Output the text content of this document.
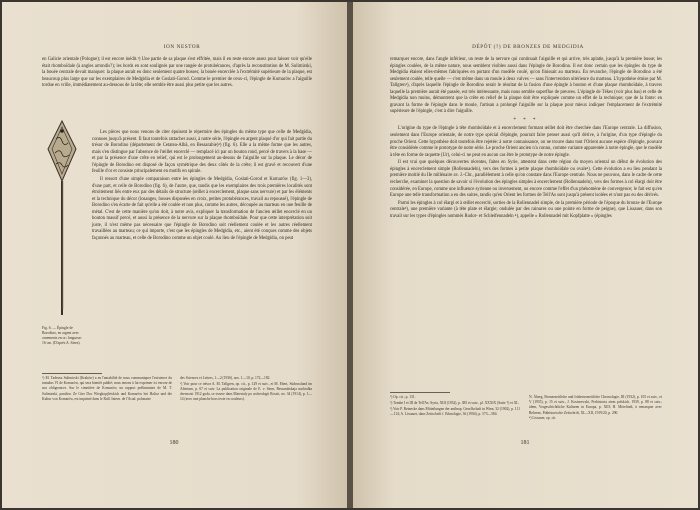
ION NESTOR

en Galicie orientale (Pologne); il est encore inédit.¹) Une partie de sa plaque s'est effritée, mais il en reste encore assez pour laisser voir qu'elle était rhomboïdale (à angles arrondis?); les bords en sont soulignés par une rangée de protubérances, d'après la reconstitution de M. Sulimirski, la bouée centrale devait manquer: la plaque aurait eu donc seulement quatre bosses; la bouée encerclée à l'extrémité supérieure de la plaque, est beaucoup plus large que sur les exemplaires de Medgidia et de Goslati-Gorod. Comme le premier de ceux-ci, l'épingle de Komarów a l'aiguille tordue en vrille, immédiatement au-dessous de la tête; elle semble être aussi plus petite que les autres.

Les pièces que nous venons de citer épuisent le répertoire des épingles du même type que celle de Medgidia, connues jusqu'à présent. Il faut toutefois rattacher aussi, à notre série, l'épingle en argent plaqué d'or qui fait partie du trésor de Borodino (département de Cetatea-Albă, en Bessarabie)²) (fig. 6). Elle a la même forme que les autres, mais s'en distingue par l'absence de l'œillet encerclé — remplacé ici par un bouton rond, percé de travers à la base — et par la présence d'une crête en relief, qui est le prolongement au-dessus de l'aiguille sur la plaque. Le décor de l'épingle de Borodino est disposé de façon symétrique des deux côtés de la crête; il est gravé et recouvert d'une feuille d'or et consiste principalement en motifs en spirale.

Il ressort d'une simple comparaison entre les épingles de Medgidia, Goslati-Gorod et Komarów (fig. 1—3), d'une part, et celle de Borodino (fig. 6), de l'autre, que, tandis que les exemplaires des trois premières localités sont étroitement liés entre eux par des détails de structure (œillet à encerclement, plaque sans nervure) et par les éléments et la technique du décor (losanges, bosses disposées en croix, petites protubérances, travail au repoussé), l'épingle de Borodino s'en écarte de fait qu'elle a été coulée et non plus, comme les autres, découpée au marteau en une feuille de métal. C'est de cette manière qu'on doit, à notre avis, expliquer la transformation de l'ancien œillet encerclé en un bouton massif percé, et aussi la présence de la nervure sur la plaque rhomboïdale. Pour que cette interprétation soit juste, il n'est même pas nécessaire que l'épingle de Borodino soit réellement coulée et les autres réellement travaillées au marteau; ce qui importe, c'est que les épingles de Medgidia, etc., aient été conçues comme des objets façonnés au marteau, et celle de Borodino comme un objet coulé. Au lieu de l'épingle de Medgidia, on peut

Fig. 6. — Épingle de Borodino, en argent avec ornements en or; longueur: 16 cm. (D'après A. Stern).

¹) M. Tadeusz Sulimirski (Kraków) a eu l'amabilité de nous communiquer l'existence du tumulus VI de Komarów, qui sera bientôt publié; nous tenons à lui exprimer ici encore de nos obligeances. Sur le cimetière de Komarów, un rapport préliminaire de M. T. Sulimirski, paraîtra: Ze Gier Doc Wiegkopjleiskich und Komarów bei Halicz und die Kultur von Komarów, est imprimé dans le Bull. Intern. de l'Acad. polonaise

des Sciences et Lettres, 1—2 (1936), nos. 1—10, p. 172—182.

²) Voir pour ce trésor A. M. Tallgren, op. cit., p. 129 et suiv., et M. Ebert, Südrussland im Altertum, p. 67 et suiv. La publication originale de E. v. Stern, Bessarabskaja nachodka drevnosti 1912 goda, se trouve dans Materialy po archeologii Rossii, no. 34 (1914), p. 1—14 (avec une planche hors texte en couleurs).

180
DÉPÔT (?) DE BRONZES DE MEDGIDIA

remarquer encore, dans l'angle inférieur, un reste de la nervure qui continuait l'aiguille et qui arrive, très aplatie, jusqu'à la première bosse; les épingles coulées, de la même nature, nous semblent visibles aussi dans l'épingle de Borodino. Il est donc certain que les épingles du type de Medgidia étaient elles-mêmes fabriquées en portant d'un modèle coulé, qu'on finissait au marteau. En revanche, l'épingle de Borodino a été seulement coulée, telle quelle — c'est même dans un moule à deux valves — sans l'intervention ultérieure du marteau. L'hypothèse émise par M. Tallgren¹), d'après laquelle l'épingle de Borodino serait le résultat de la fusion d'une épingle à bouton et d'une plaque rhomboïdale, à travers laquelle la première aurait été passée, est très intéressante, mais nous semble superflue de preuves. L'épingle de Tékes (voir plus bas) et celle de Medgidia non moins, démontrent que la crête en relief de la plaque doit être expliquée comme un effet de la technique; que de la fonte: en gravant la forme de l'épingle dans le moule, l'artisan a prolongé l'aiguille sur la plaque pour mieux indiquer l'emplacement de l'extrémité supérieure de l'épingle, c'est à dire l'aiguille.

* * *

L'origine du type de l'épingle à tête rhomboïdale et à encerclement formant œillet doit être cherchée dans l'Europe centrale. La diffusion, seulement dans l'Europe orientale, de notre type spécial d'épingle, pourrait faire penser aussi qu'il dérive, à l'origine, d'un type d'épingle du proche Orient. Cette hypothèse doit toutefois être rejetée: à notre connaissance, on ne trouve dans tout l'Orient aucune espèce d'épingle, pouvant être considérée comme le prototype de notre série. Le proche Orient ancien n'a connu, comme variante apparentée à notre épingle, que le modèle à tête en forme de raquette (Ur), celui-ci ne peut en aucun cas être le prototype de notre épingle.

Il est vrai que quelques découvertes récentes, faites en Syrie, attestent dans cette région du moyen oriental un début de évolution des épingles à encerclement simple (Rollennadeln), vers des formes à petite plaque rhomboïdale ou ovale²). Cette évolution a eu lieu pendant la première moitié du IIe millénaire av. J.-Chr., parallèlement à celle qu'on constate dans l'Europe centrale. Nous ne pouvons, dans le cadre de cette recherche, examiner la question de savoir si l'évolution des épingles simples à encerclement (Rollennadeln), vers des formes à col élargi doit être considérée, en Europe, comme une influence syrienne ou inversement, ou encore comme l'effet d'un phénomène de convergence; le fait est qu'en Europe une telle transformation a eu des suites, tandis qu'en Orient les formes de Tell'As sont jusqu'à présent isolées et n'ont pas eu des dérivés.

Parmi les épingles à col élargi et à œillet encerclé, sorties de la Rollennadel simple, de la première période de l'époque du bronze de l'Europe centrale³), une première variante (à tête plate et élargie; ondulée par des rainures ou une pointe en forme de peigne), que Lissauer, dans son travail sur les types d'épingles nommés Rudor- et Schleifennadeln ⁴), appelle « Rollennadel mit Kopfplatte » (épingles

¹) Op. cit., p. 131.

²) Tombe I et III de Tell'As: Syria, XIII (1932), p. 385 et suiv., pl. XXXIX (Suite ?) et XL.

³) Voir P. Reinecke dans Mitteilungen der anthrop. Gesellschaft in Wien, 32 (1902), p. 111—114; A. Lissauer, dans Zeitschrift f. Ethnologie, 36 (1904), p. 573—584.

N. Åberg, Bronzezeitliche und früheisenzeitliche Chronologie, III (1932), p. 105 et suiv., et V (1935), p. 15 et suiv., J. Kostrzewski, Prehistoria ziem polskich, 1939, p. 88 et suiv.; idem, Vorgeschichtliche Kulturen in Europa, p. XIII; H. Mötefindt, à remarquer avec Behrens, Prähistorische Zeitschrift, XI—XII, 1919/20, p. 290.

⁴) Lissauer, op. cit.

181
